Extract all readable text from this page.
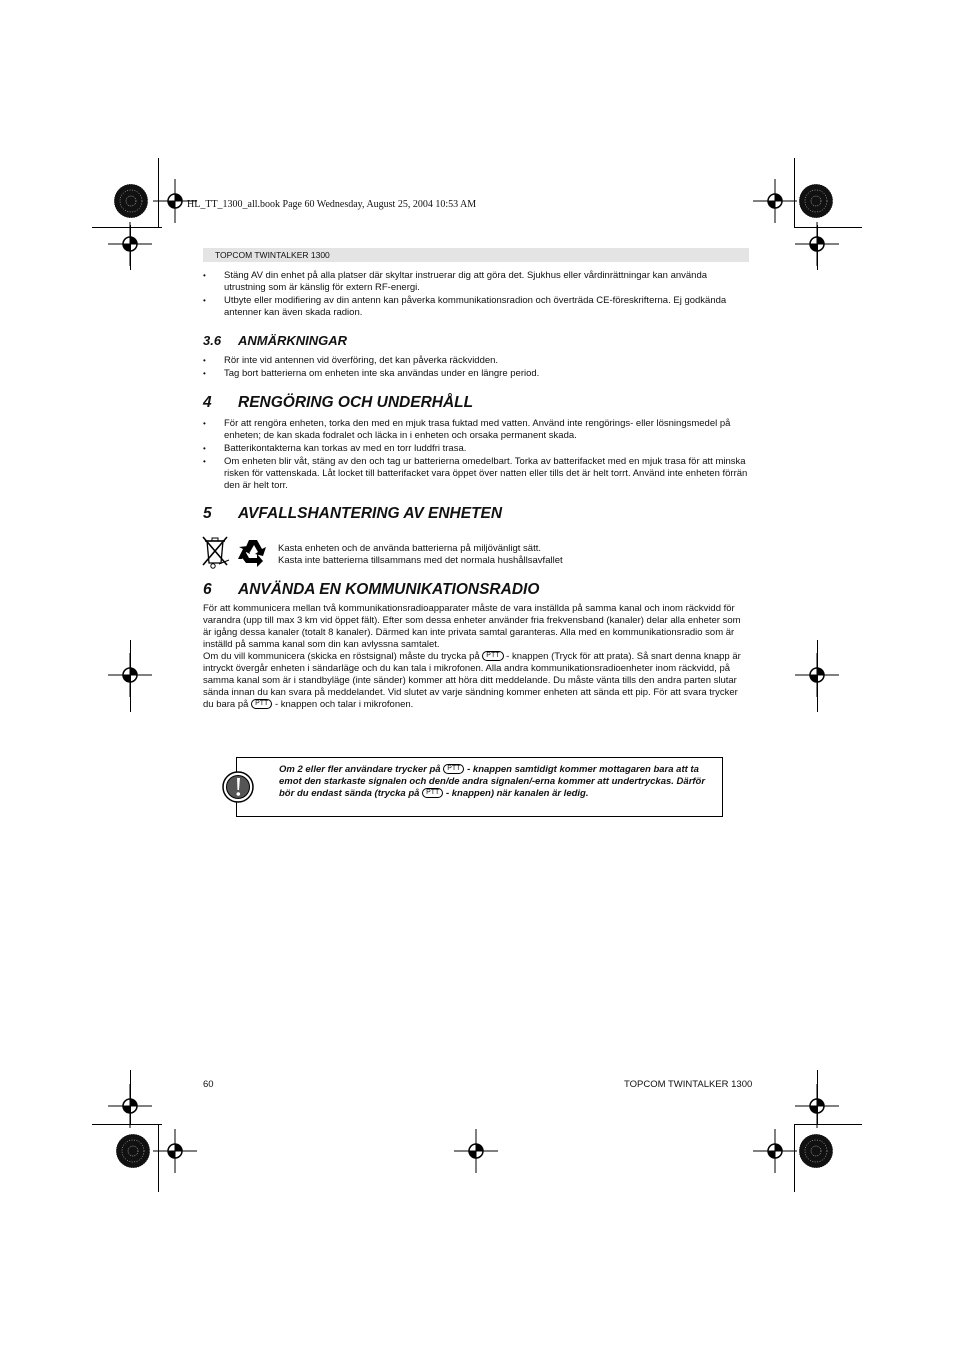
HL_TT_1300_all.book Page 60 Wednesday, August 25, 2004 10:53 AM
TOPCOM TWINTALKER 1300
• Stäng AV din enhet på alla platser där skyltar instruerar dig att göra det. Sjukhus eller vårdinrättningar kan använda utrustning som är känslig för extern RF-energi.
• Utbyte eller modifiering av din antenn kan påverka kommunikationsradion och överträda CE-föreskrifterna. Ej godkända antenner kan även skada radion.
3.6 ANMÄRKNINGAR
• Rör inte vid antennen vid överföring, det kan påverka räckvidden.
• Tag bort batterierna om enheten inte ska användas under en längre period.
4 RENGÖRING OCH UNDERHÅLL
• För att rengöra enheten, torka den med en mjuk trasa fuktad med vatten. Använd inte rengörings- eller lösningsmedel på enheten; de kan skada fodralet och läcka in i enheten och orsaka permanent skada.
• Batterikontakterna kan torkas av med en torr luddfri trasa.
• Om enheten blir våt, stäng av den och tag ur batterierna omedelbart. Torka av batterifacket med en mjuk trasa för att minska risken för vattenskada. Låt locket till batterifacket vara öppet över natten eller tills det är helt torrt. Använd inte enheten förrän den är helt torr.
5 AVFALLSHANTERING AV ENHETEN
Kasta enheten och de använda batterierna på miljövänligt sätt.
Kasta inte batterierna tillsammans med det normala hushållsavfallet
6 ANVÄNDA EN KOMMUNIKATIONSRADIO
För att kommunicera mellan två kommunikationsradioapparater måste de vara inställda på samma kanal och inom räckvidd för varandra (upp till max 3 km vid öppet fält). Efter som dessa enheter använder fria frekvensband (kanaler) delar alla enheter som är igång dessa kanaler (totalt 8 kanaler). Därmed kan inte privata samtal garanteras. Alla med en kommunikationsradio som är inställd på samma kanal som din kan avlyssna samtalet.
Om du vill kommunicera (skicka en röstsignal) måste du trycka på PTT - knappen (Tryck för att prata). Så snart denna knapp är intryckt övergår enheten i sändarläge och du kan tala i mikrofonen. Alla andra kommunikationsradioenheter inom räckvidd, på samma kanal som är i standbyläge (inte sänder) kommer att höra ditt meddelande. Du måste vänta tills den andra parten slutar sända innan du kan svara på meddelandet. Vid slutet av varje sändning kommer enheten att sända ett pip. För att svara trycker du bara på PTT - knappen och talar i mikrofonen.
Om 2 eller fler användare trycker på PTT - knappen samtidigt kommer mottagaren bara att ta emot den starkaste signalen och den/de andra signalen/-erna kommer att undertryckas. Därför bör du endast sända (trycka på PTT - knappen) när kanalen är ledig.
60	TOPCOM TWINTALKER 1300
